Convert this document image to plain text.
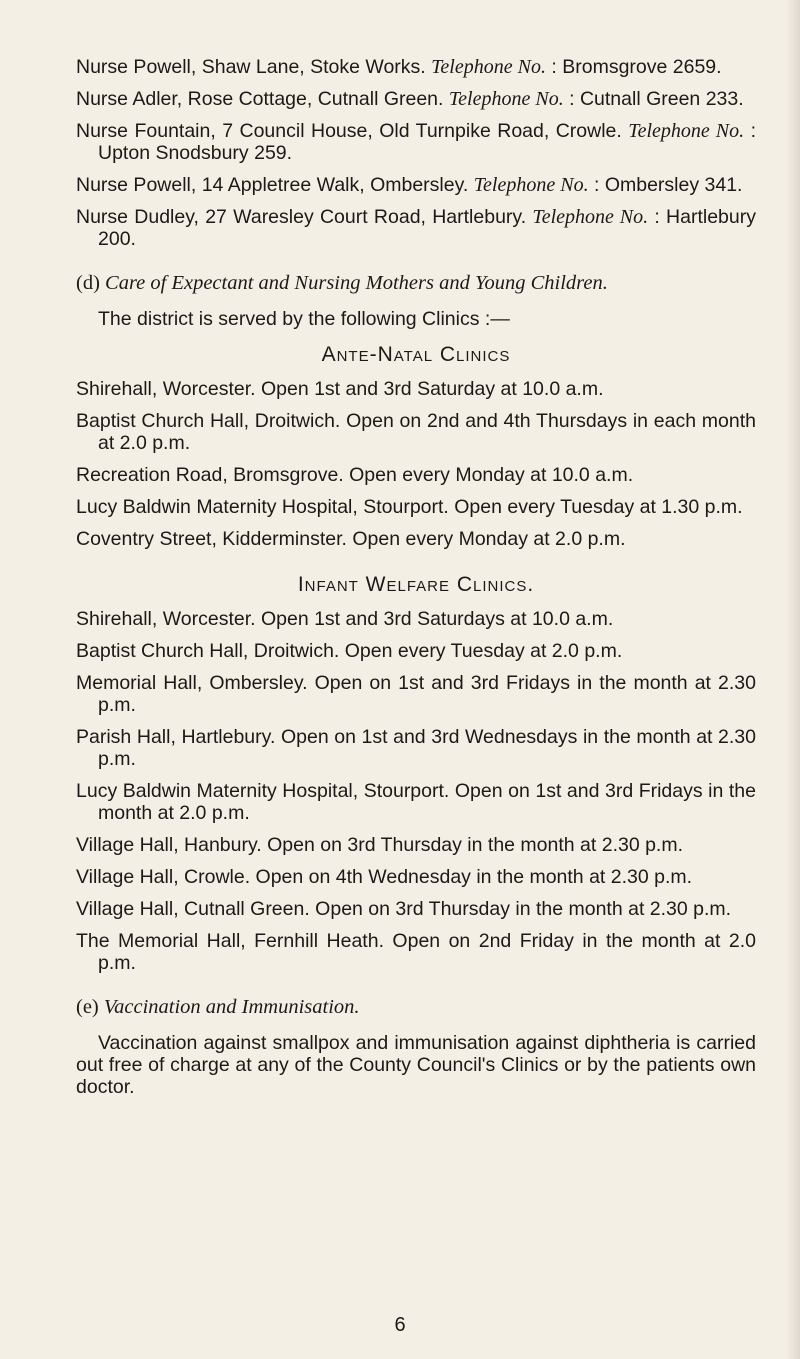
Nurse Powell, Shaw Lane, Stoke Works. Telephone No. : Bromsgrove 2659.

Nurse Adler, Rose Cottage, Cutnall Green. Telephone No. : Cutnall Green 233.

Nurse Fountain, 7 Council House, Old Turnpike Road, Crowle. Telephone No. : Upton Snodsbury 259.

Nurse Powell, 14 Appletree Walk, Ombersley. Telephone No. : Ombersley 341.

Nurse Dudley, 27 Waresley Court Road, Hartlebury. Telephone No. : Hartlebury 200.

(d) Care of Expectant and Nursing Mothers and Young Children.

The district is served by the following Clinics :—

Ante-Natal Clinics

Shirehall, Worcester. Open 1st and 3rd Saturday at 10.0 a.m.

Baptist Church Hall, Droitwich. Open on 2nd and 4th Thursdays in each month at 2.0 p.m.

Recreation Road, Bromsgrove. Open every Monday at 10.0 a.m.

Lucy Baldwin Maternity Hospital, Stourport. Open every Tuesday at 1.30 p.m.

Coventry Street, Kidderminster. Open every Monday at 2.0 p.m.

Infant Welfare Clinics.

Shirehall, Worcester. Open 1st and 3rd Saturdays at 10.0 a.m.

Baptist Church Hall, Droitwich. Open every Tuesday at 2.0 p.m.

Memorial Hall, Ombersley. Open on 1st and 3rd Fridays in the month at 2.30 p.m.

Parish Hall, Hartlebury. Open on 1st and 3rd Wednesdays in the month at 2.30 p.m.

Lucy Baldwin Maternity Hospital, Stourport. Open on 1st and 3rd Fridays in the month at 2.0 p.m.

Village Hall, Hanbury. Open on 3rd Thursday in the month at 2.30 p.m.

Village Hall, Crowle. Open on 4th Wednesday in the month at 2.30 p.m.

Village Hall, Cutnall Green. Open on 3rd Thursday in the month at 2.30 p.m.

The Memorial Hall, Fernhill Heath. Open on 2nd Friday in the month at 2.0 p.m.

(e) Vaccination and Immunisation.

Vaccination against smallpox and immunisation against diphtheria is carried out free of charge at any of the County Council's Clinics or by the patients own doctor.

6
